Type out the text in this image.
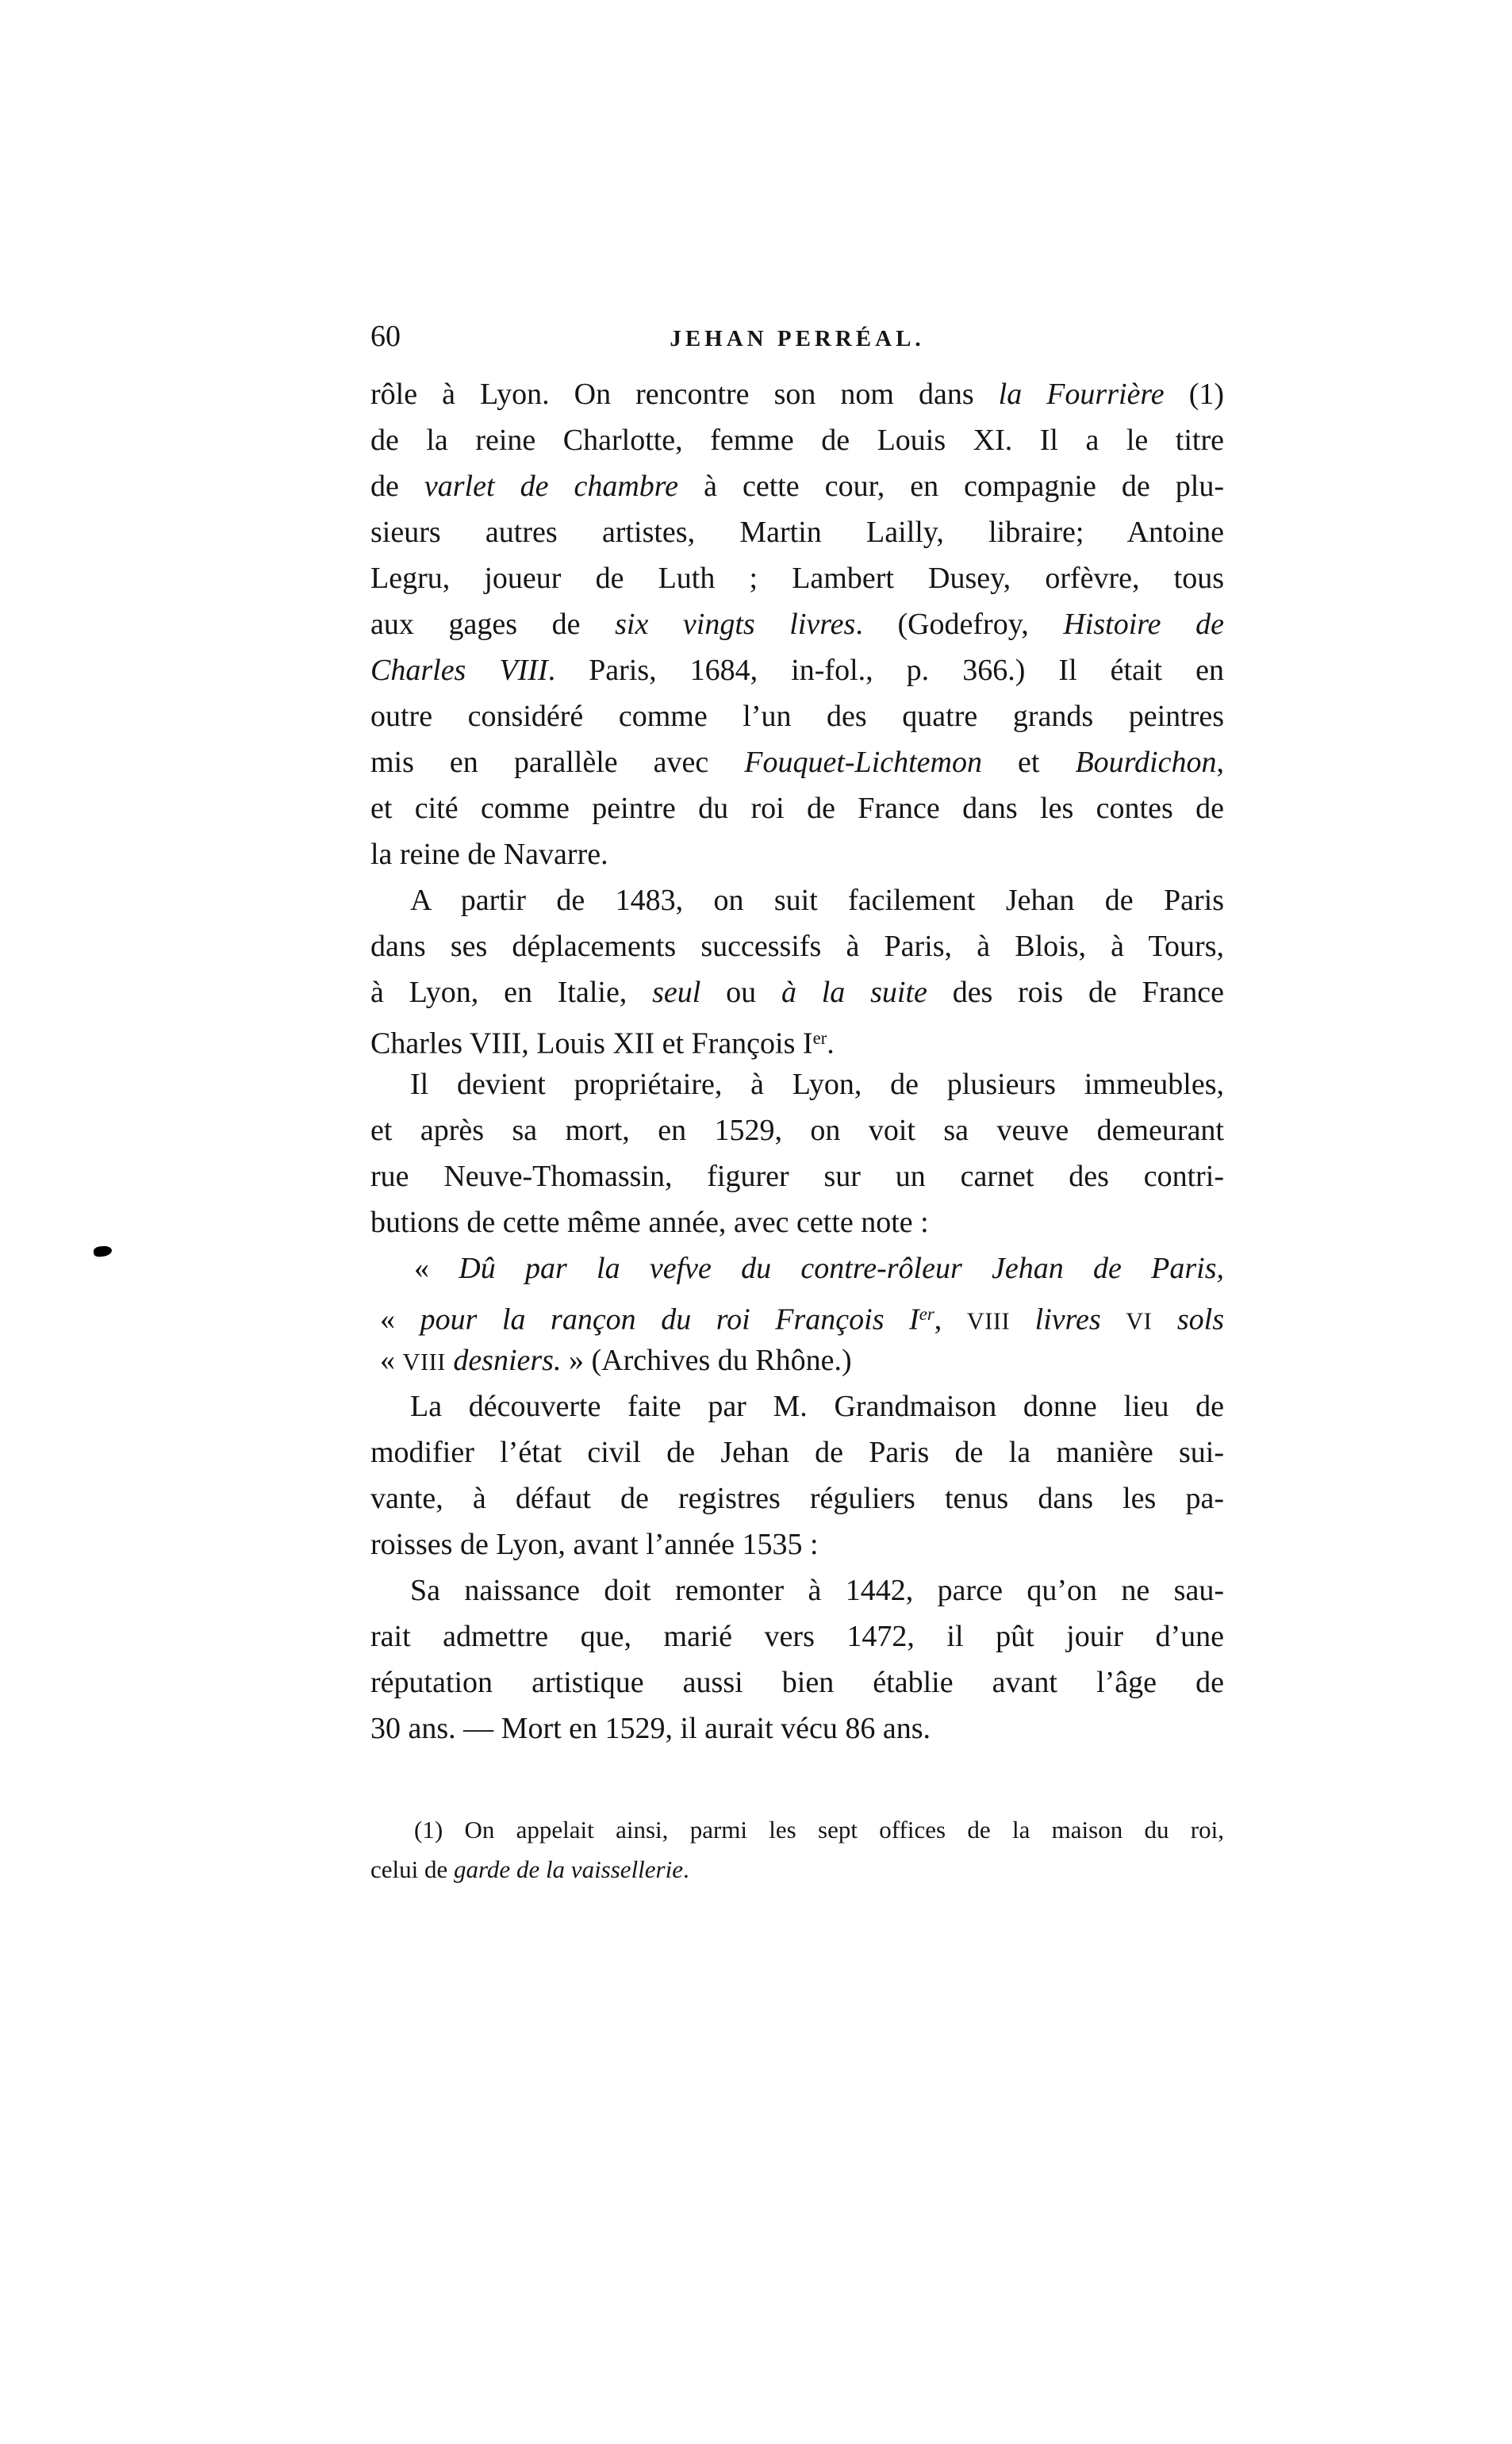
60	JEHAN PERRÉAL.
rôle à Lyon. On rencontre son nom dans la Fourrière (1)
de la reine Charlotte, femme de Louis XI. Il a le titre
de varlet de chambre à cette cour, en compagnie de plu-
sieurs autres artistes, Martin Lailly, libraire; Antoine
Legru, joueur de Luth ; Lambert Dusey, orfèvre, tous
aux gages de six vingts livres. (Godefroy, Histoire de
Charles VIII. Paris, 1684, in-fol., p. 366.) Il était en
outre considéré comme l’un des quatre grands peintres
mis en parallèle avec Fouquet-Lichtemon et Bourdichon,
et cité comme peintre du roi de France dans les contes de
la reine de Navarre.
A partir de 1483, on suit facilement Jehan de Paris
dans ses déplacements successifs à Paris, à Blois, à Tours,
à Lyon, en Italie, seul ou à la suite des rois de France
Charles VIII, Louis XII et François Ier.
Il devient propriétaire, à Lyon, de plusieurs immeubles,
et après sa mort, en 1529, on voit sa veuve demeurant
rue Neuve-Thomassin, figurer sur un carnet des contri-
butions de cette même année, avec cette note :
« Dû par la vefve du contre-rôleur Jehan de Paris,
« pour la rançon du roi François Ier, VIII livres VI sols
« VIII desniers. » (Archives du Rhône.)
La découverte faite par M. Grandmaison donne lieu de
modifier l’état civil de Jehan de Paris de la manière sui-
vante, à défaut de registres réguliers tenus dans les pa-
roisses de Lyon, avant l’année 1535 :
Sa naissance doit remonter à 1442, parce qu’on ne sau-
rait admettre que, marié vers 1472, il pût jouir d’une
réputation artistique aussi bien établie avant l’âge de
30 ans. — Mort en 1529, il aurait vécu 86 ans.
(1) On appelait ainsi, parmi les sept offices de la maison du roi,
celui de garde de la vaissellerie.
